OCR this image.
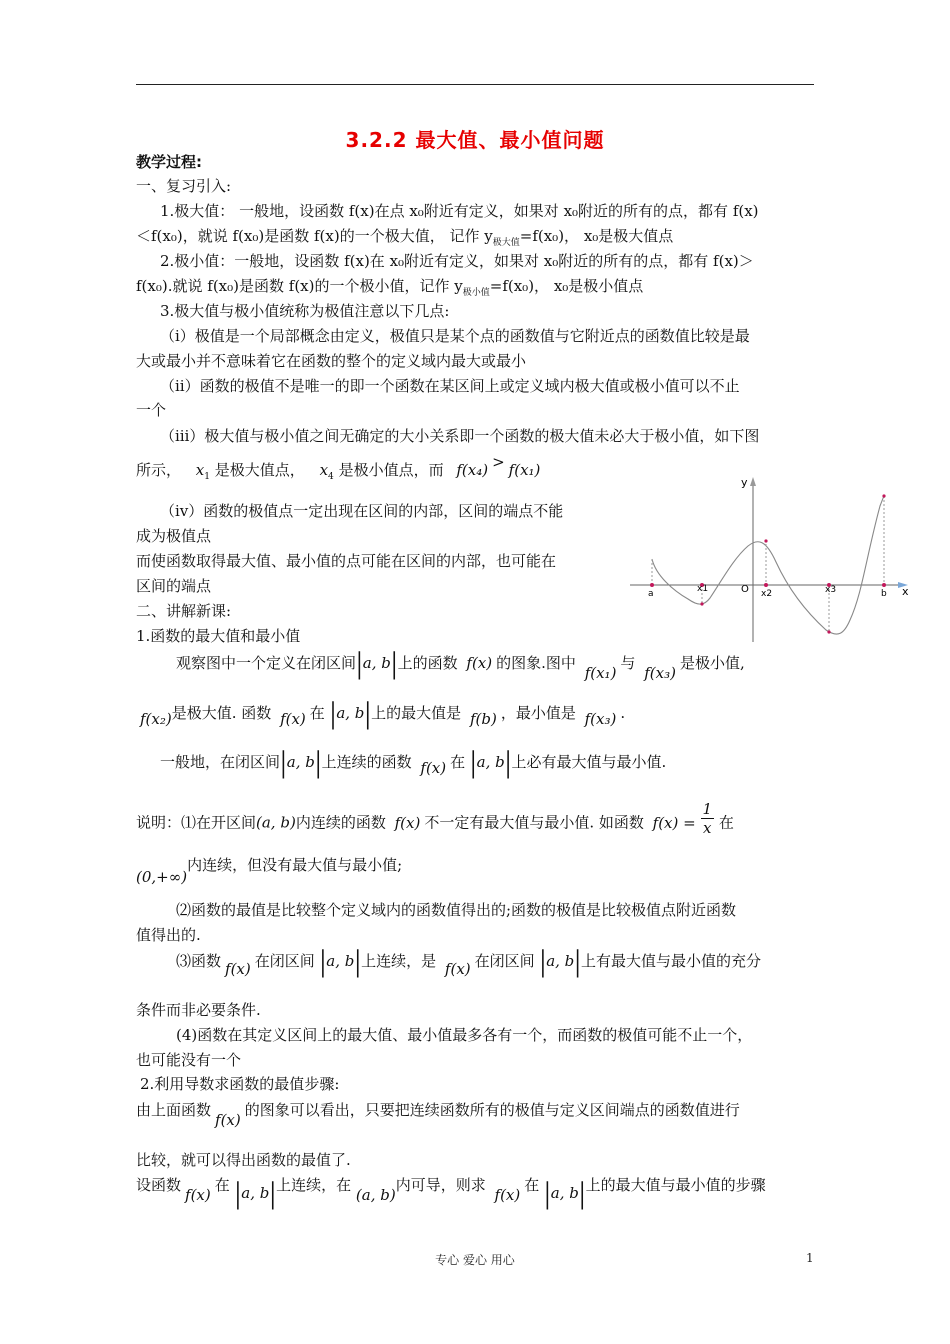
3.2.2 最大值、最小值问题
教学过程:
一、复习引入:
1.极大值： 一般地，设函数 f(x)在点 x₀附近有定义，如果对 x₀附近的所有的点，都有 f(x)
＜f(x₀)，就说 f(x₀)是函数 f(x)的一个极大值， 记作 $y_{极大值}=f(x_0)$， x₀是极大值点
2.极小值：一般地，设函数 f(x)在 x₀附近有定义，如果对 x₀附近的所有的点，都有 f(x)＞
f(x₀).就说 f(x₀)是函数 f(x)的一个极小值，记作 $y_{极小值}=f(x_0)$， x₀是极小值点
3.极大值与极小值统称为极值注意以下几点:
（ⅰ）极值是一个局部概念由定义，极值只是某个点的函数值与它附近点的函数值比较是最
大或最小并不意味着它在函数的整个的定义域内最大或最小
（ⅱ）函数的极值不是唯一的即一个函数在某区间上或定义域内极大值或极小值可以不止
一个
（ⅲ）极大值与极小值之间无确定的大小关系即一个函数的极大值未必大于极小值，如下图
所示， $x_1$ 是极大值点， $x_4$ 是极小值点，而 f(x₄) > f(x₁)
（ⅳ）函数的极值点一定出现在区间的内部，区间的端点不能
成为极值点
而使函数取得最大值、最小值的点可能在区间的内部，也可能在
区间的端点
二、讲解新课:
1.函数的最大值和最小值
y
x
a	x1	O x2	x3	b
观察图中一个定义在闭区间|a, b|上的函数 f(x) 的图象.图中 f(x₁)与 f(x₃)是极小值,
f(x₂)是极大值. 函数 f(x) 在 |a, b|上的最大值是 f(b) ，最小值是 f(x₃) .
一般地，在闭区间|a, b|上连续的函数 f(x) 在 |a, b|上必有最大值与最小值.
说明：⑴在开区间(a, b)内连续的函数 f(x) 不一定有最大值与最小值. 如函数 $f(x) = \frac{1}{x}$ 在
(0,+∞)内连续，但没有最大值与最小值;
⑵函数的最值是比较整个定义域内的函数值得出的;函数的极值是比较极值点附近函数
值得出的.
⑶函数 f(x) 在闭区间 |a, b|上连续，是 f(x) 在闭区间 |a, b|上有最大值与最小值的充分
条件而非必要条件.
(4)函数在其定义区间上的最大值、最小值最多各有一个，而函数的极值可能不止一个，
也可能没有一个
2.利用导数求函数的最值步骤:
由上面函数f(x)的图象可以看出，只要把连续函数所有的极值与定义区间端点的函数值进行
比较，就可以得出函数的最值了.
设函数f(x)在 |a, b|上连续，在 (a, b)内可导，则求 f(x)在 |a, b|上的最大值与最小值的步骤
专心 爱心 用心	1
